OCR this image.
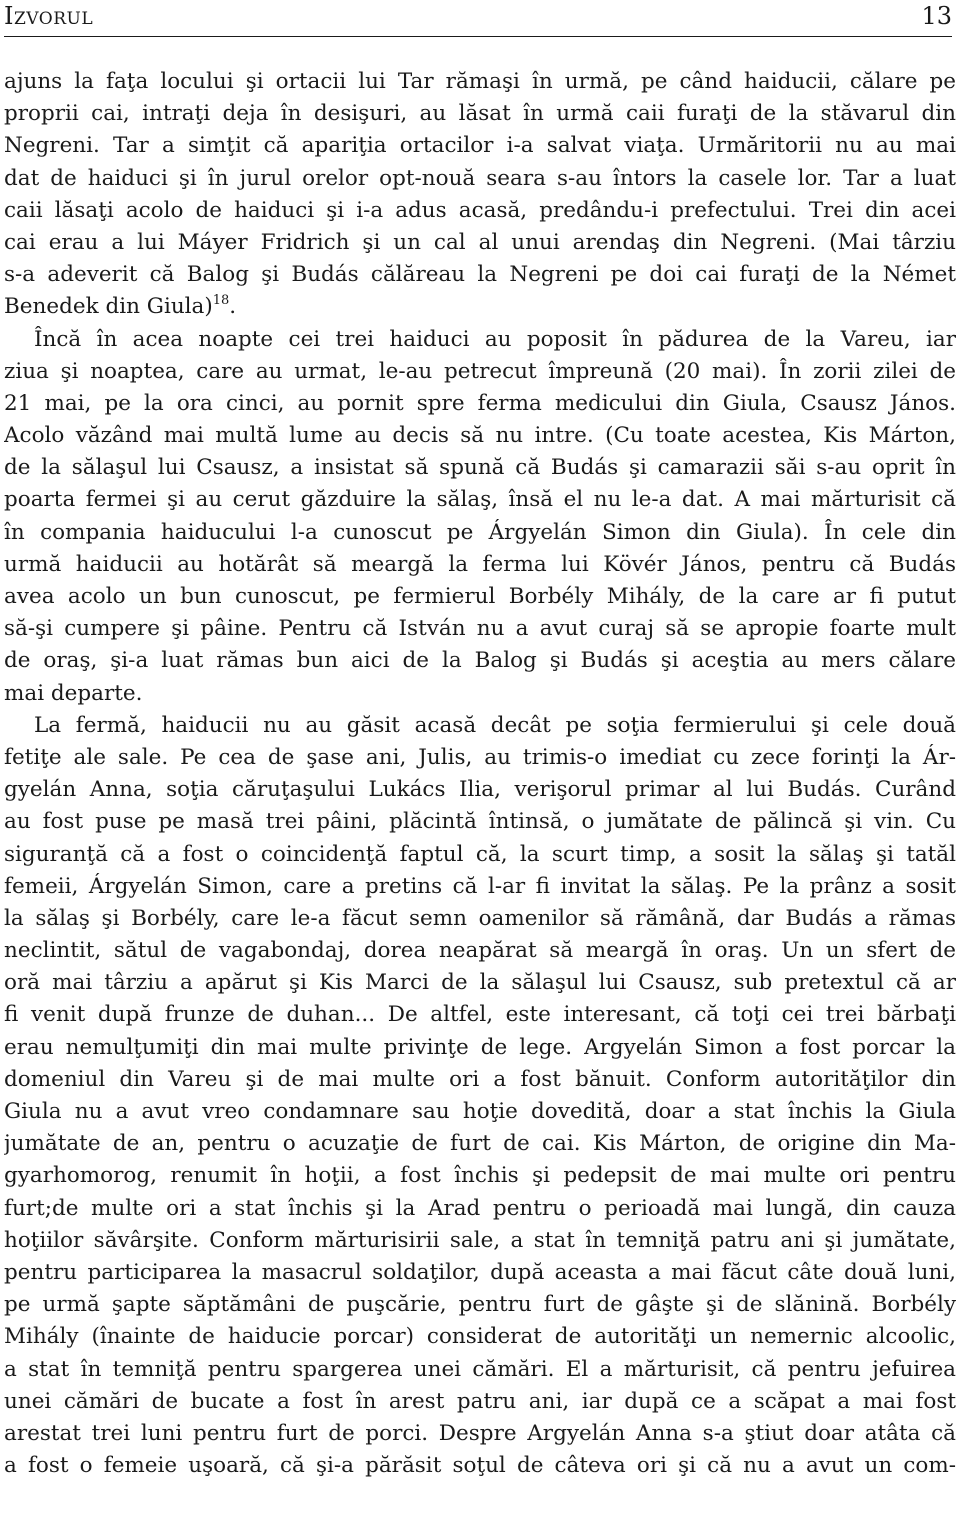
Izvorul	13
ajuns la faţa locului şi ortacii lui Tar rămaşi în urmă, pe când haiducii, călare pe
proprii cai, intraţi deja în desişuri, au lăsat în urmă caii furaţi de la stăvarul din
Negreni. Tar a simţit că apariţia ortacilor i-a salvat viaţa. Urmăritorii nu au mai
dat de haiduci şi în jurul orelor opt-nouă seara s-au întors la casele lor. Tar a luat
caii lăsaţi acolo de haiduci şi i-a adus acasă, predându-i prefectului. Trei din acei
cai erau a lui Máyer Fridrich şi un cal al unui arendaş din Negreni. (Mai târziu
s-a adeverit că Balog şi Budás călăreau la Negreni pe doi cai furaţi de la Német
Benedek din Giula)$^{18}$.
Încă în acea noapte cei trei haiduci au poposit în pădurea de la Vareu, iar
ziua şi noaptea, care au urmat, le-au petrecut împreună (20 mai). În zorii zilei de
21 mai, pe la ora cinci, au pornit spre ferma medicului din Giula, Csausz János.
Acolo văzând mai multă lume au decis să nu intre. (Cu toate acestea, Kis Márton,
de la sălaşul lui Csausz, a insistat să spună că Budás şi camarazii săi s-au oprit în
poarta fermei şi au cerut găzduire la sălaş, însă el nu le-a dat. A mai mărturisit că
în compania haiducului l-a cunoscut pe Árgyelán Simon din Giula). În cele din
urmă haiducii au hotărât să meargă la ferma lui Kövér János, pentru că Budás
avea acolo un bun cunoscut, pe fermierul Borbély Mihály, de la care ar fi putut
să-şi cumpere şi pâine. Pentru că István nu a avut curaj să se apropie foarte mult
de oraş, şi-a luat rămas bun aici de la Balog şi Budás şi aceştia au mers călare
mai departe.
La fermă, haiducii nu au găsit acasă decât pe soţia fermierului şi cele două
fetiţe ale sale. Pe cea de şase ani, Julis, au trimis-o imediat cu zece forinţi la Ár-
gyelán Anna, soţia căruţaşului Lukács Ilia, verişorul primar al lui Budás. Curând
au fost puse pe masă trei pâini, plăcintă întinsă, o jumătate de pălincă şi vin. Cu
siguranţă că a fost o coincidenţă faptul că, la scurt timp, a sosit la sălaş şi tatăl
femeii, Árgyelán Simon, care a pretins că l-ar fi invitat la sălaş. Pe la prânz a sosit
la sălaş şi Borbély, care le-a făcut semn oamenilor să rămână, dar Budás a rămas
neclintit, sătul de vagabondaj, dorea neapărat să meargă în oraş. Un un sfert de
oră mai târziu a apărut şi Kis Marci de la sălaşul lui Csausz, sub pretextul că ar
fi venit după frunze de duhan... De altfel, este interesant, că toţi cei trei bărbaţi
erau nemulţumiţi din mai multe privinţe de lege. Argyelán Simon a fost porcar la
domeniul din Vareu şi de mai multe ori a fost bănuit. Conform autorităţilor din
Giula nu a avut vreo condamnare sau hoţie dovedită, doar a stat închis la Giula
jumătate de an, pentru o acuzaţie de furt de cai. Kis Márton, de origine din Ma-
gyarhomorog, renumit în hoţii, a fost închis şi pedepsit de mai multe ori pentru
furt;de multe ori a stat închis şi la Arad pentru o perioadă mai lungă, din cauza
hoţiilor săvârşite. Conform mărturisirii sale, a stat în temniţă patru ani şi jumătate,
pentru participarea la masacrul soldaţilor, după aceasta a mai făcut câte două luni,
pe urmă şapte săptămâni de puşcărie, pentru furt de gâşte şi de slănină. Borbély
Mihály (înainte de haiducie porcar) considerat de autorităţi un nemernic alcoolic,
a stat în temniţă pentru spargerea unei cămări. El a mărturisit, că pentru jefuirea
unei cămări de bucate a fost în arest patru ani, iar după ce a scăpat a mai fost
arestat trei luni pentru furt de porci. Despre Argyelán Anna s-a ştiut doar atâta că
a fost o femeie uşoară, că şi-a părăsit soţul de câteva ori şi că nu a avut un com-
